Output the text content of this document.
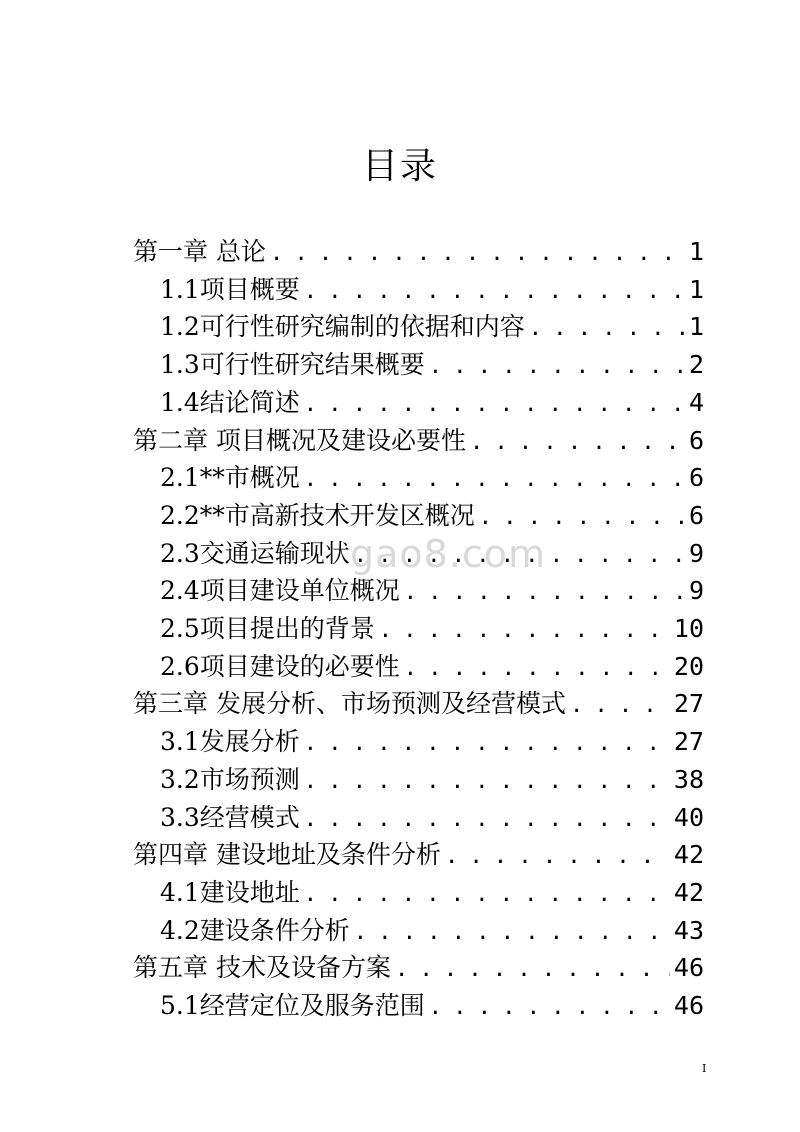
目录
gao8.com
第一章 总论 . . .	1
1.1项目概要 . . .	1
1.2可行性研究编制的依据和内容 . . .	1
1.3可行性研究结果概要 . . .	2
1.4结论简述 . . .	4
第二章 项目概况及建设必要性 . . .	6
2.1**市概况 . . .	6
2.2**市高新技术开发区概况 . . .	6
2.3交通运输现状 . . .	9
2.4项目建设单位概况 . . .	9
2.5项目提出的背景 . . .	10
2.6项目建设的必要性 . . .	20
第三章 发展分析、市场预测及经营模式 . . .	27
3.1发展分析 . . .	27
3.2市场预测 . . .	38
3.3经营模式 . . .	40
第四章 建设地址及条件分析 . . .	42
4.1建设地址 . . .	42
4.2建设条件分析 . . .	43
第五章 技术及设备方案 . . .	46
5.1经营定位及服务范围 . . .	46
I
